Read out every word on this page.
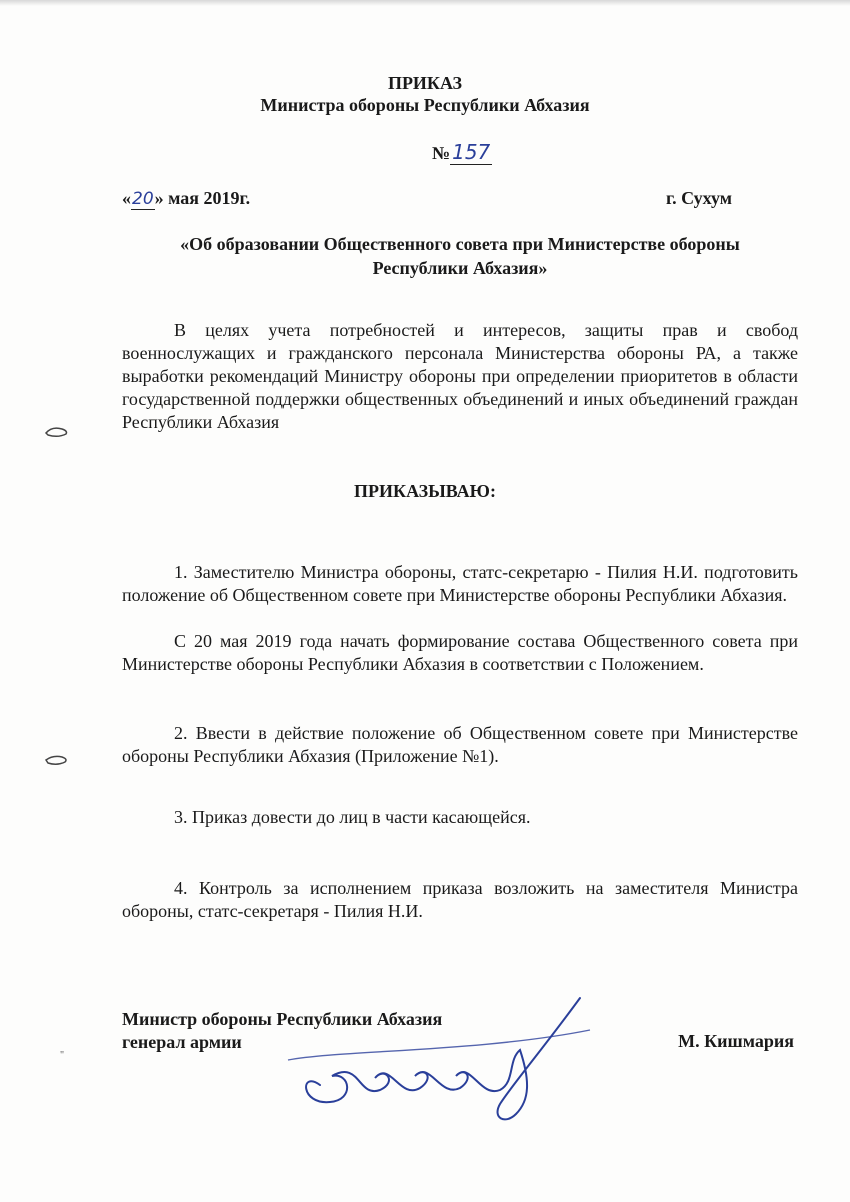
ПРИКАЗ
Министра обороны Республики Абхазия
№ 157
«20» мая 2019г.	г. Сухум
«Об образовании Общественного совета при Министерстве обороны
Республики Абхазия»
В целях учета потребностей и интересов, защиты прав и свобод военнослужащих и гражданского персонала Министерства обороны РА, а также выработки рекомендаций Министру обороны при определении приоритетов в области государственной поддержки общественных объединений и иных объединений граждан Республики Абхазия
ПРИКАЗЫВАЮ:
1. Заместителю Министра обороны, статс-секретарю - Пилия Н.И. подготовить положение об Общественном совете при Министерстве обороны Республики Абхазия.
С 20 мая 2019 года начать формирование состава Общественного совета при Министерстве обороны Республики Абхазия в соответствии с Положением.
2. Ввести в действие положение об Общественном совете при Министерстве обороны Республики Абхазия (Приложение №1).
3. Приказ довести до лиц в части касающейся.
4. Контроль за исполнением приказа возложить на заместителя Министра обороны, статс-секретаря - Пилия Н.И.
Министр обороны Республики Абхазия
генерал армии	М. Кишмария
"
